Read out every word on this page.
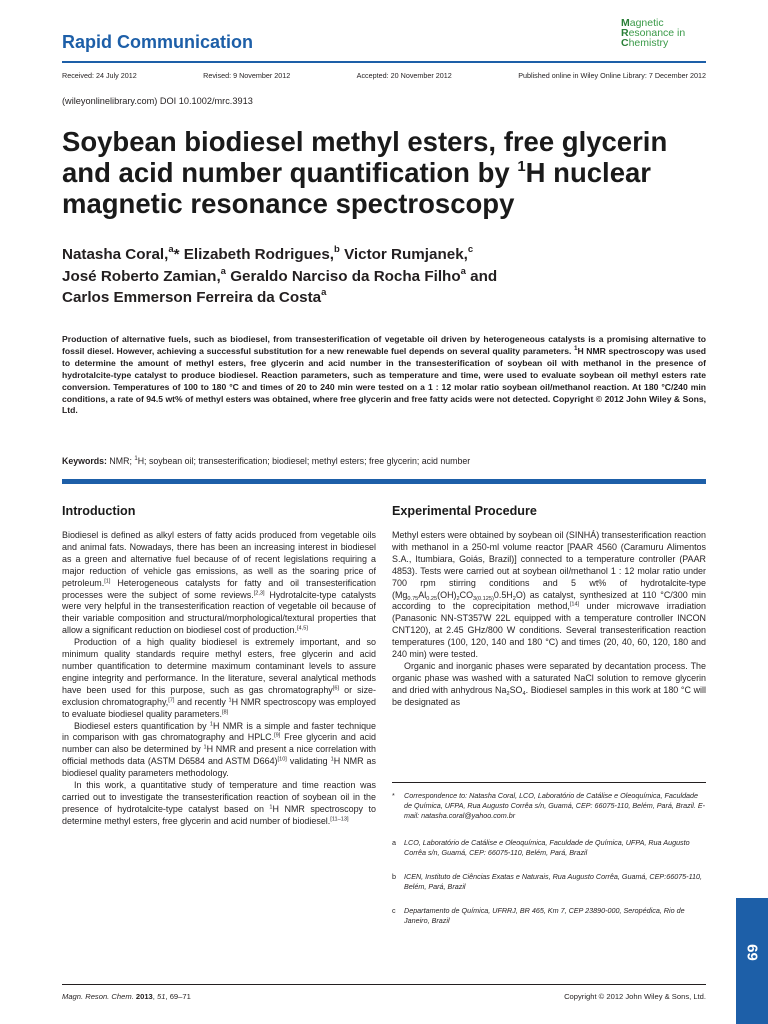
Rapid Communication
Magnetic
Resonance in
Chemistry
Received: 24 July 2012	Revised: 9 November 2012	Accepted: 20 November 2012	Published online in Wiley Online Library: 7 December 2012
(wileyonlinelibrary.com) DOI 10.1002/mrc.3913
Soybean biodiesel methyl esters, free glycerin and acid number quantification by $^1$H nuclear magnetic resonance spectroscopy
Natasha Coral,$^a$* Elizabeth Rodrigues,$^b$ Victor Rumjanek,$^c$
José Roberto Zamian,$^a$ Geraldo Narciso da Rocha Filho$^a$ and
Carlos Emmerson Ferreira da Costa$^a$

Production of alternative fuels, such as biodiesel, from transesterification of vegetable oil driven by heterogeneous catalysts is a promising alternative to fossil diesel. However, achieving a successful substitution for a new renewable fuel depends on several quality parameters. $^1$H NMR spectroscopy was used to determine the amount of methyl esters, free glycerin and acid number in the transesterification of soybean oil with methanol in the presence of hydrotalcite-type catalyst to produce biodiesel. Reaction parameters, such as temperature and time, were used to evaluate soybean oil methyl esters rate conversion. Temperatures of 100 to 180 °C and times of 20 to 240 min were tested on a 1 : 12 molar ratio soybean oil/methanol reaction. At 180 °C/240 min conditions, a rate of 94.5 wt% of methyl esters was obtained, where free glycerin and free fatty acids were not detected. Copyright © 2012 John Wiley & Sons, Ltd.

Keywords: NMR; $^1$H; soybean oil; transesterification; biodiesel; methyl esters; free glycerin; acid number

Introduction

Biodiesel is defined as alkyl esters of fatty acids produced from vegetable oils and animal fats. Nowadays, there has been an increasing interest in biodiesel as a green and alternative fuel because of of recent legislations requiring a major reduction of vehicle gas emissions, as well as the soaring price of petroleum.[1] Heterogeneous catalysts for fatty and oil transesterification processes were the subject of some reviews.[2,3] Hydrotalcite-type catalysts were very helpful in the transesterification reaction of vegetable oil because of their variable composition and structural/morphological/textural properties that allow a significant reduction on biodiesel cost of production.[4,5]

Production of a high quality biodiesel is extremely important, and so minimum quality standards require methyl esters, free glycerin and acid number quantification to determine maximum contaminant levels to assure engine integrity and performance. In the literature, several analytical methods have been used for this purpose, such as gas chromatography[6] or size-exclusion chromatography,[7] and recently $^1$H NMR spectroscopy was employed to evaluate biodiesel quality parameters.[8]

Biodiesel esters quantification by $^1$H NMR is a simple and faster technique in comparison with gas chromatography and HPLC.[9] Free glycerin and acid number can also be determined by $^1$H NMR and present a nice correlation with official methods data (ASTM D6584 and ASTM D664)[10] validating $^1$H NMR as biodiesel quality parameters methodology.

In this work, a quantitative study of temperature and time reaction was carried out to investigate the transesterification reaction of soybean oil in the presence of hydrotalcite-type catalyst based on $^1$H NMR spectroscopy to determine methyl esters, free glycerin and acid number of biodiesel.[11–13]

Experimental Procedure

Methyl esters were obtained by soybean oil (SINHÁ) transesterification reaction with methanol in a 250-ml volume reactor [PAAR 4560 (Caramuru Alimentos S.A., Itumbiara, Goiás, Brazil)] connected to a temperature controller (PAAR 4853). Tests were carried out at soybean oil/methanol 1 : 12 molar ratio under 700 rpm stirring conditions and 5 wt% of hydrotalcite-type $(Mg_{0.75}Al_{0.25}(OH)_2CO_{3(0.125)}0.5H_2O)$ as catalyst, synthesized at 110 °C/300 min according to the coprecipitation method,[14] under microwave irradiation (Panasonic NN-ST357W 22L equipped with a temperature controller INCON CNT120), at 2.45 GHz/800 W conditions. Several transesterification reaction temperatures (100, 120, 140 and 180 °C) and times (20, 40, 60, 120, 180 and 240 min) were tested.

Organic and inorganic phases were separated by decantation process. The organic phase was washed with a saturated NaCl solution to remove glycerin and dried with anhydrous $Na_2SO_4$. Biodiesel samples in this work at 180 °C will be designated as

*	Correspondence to: Natasha Coral, LCO, Laboratório de Catálise e Oleoquímica, Faculdade de Química, UFPA, Rua Augusto Corrêa s/n, Guamá, CEP: 66075-110, Belém, Pará, Brazil. E-mail: natasha.coral@yahoo.com.br
a	LCO, Laboratório de Catálise e Oleoquímica, Faculdade de Química, UFPA, Rua Augusto Corrêa s/n, Guamá, CEP: 66075-110, Belém, Pará, Brazil
b	ICEN, Instituto de Ciências Exatas e Naturais, Rua Augusto Corrêa, Guamá, CEP:66075-110, Belém, Pará, Brazil
c	Departamento de Química, UFRRJ, BR 465, Km 7, CEP 23890-000, Seropédica, Rio de Janeiro, Brazil
69
Magn. Reson. Chem. 2013, 51, 69–71	Copyright © 2012 John Wiley & Sons, Ltd.
